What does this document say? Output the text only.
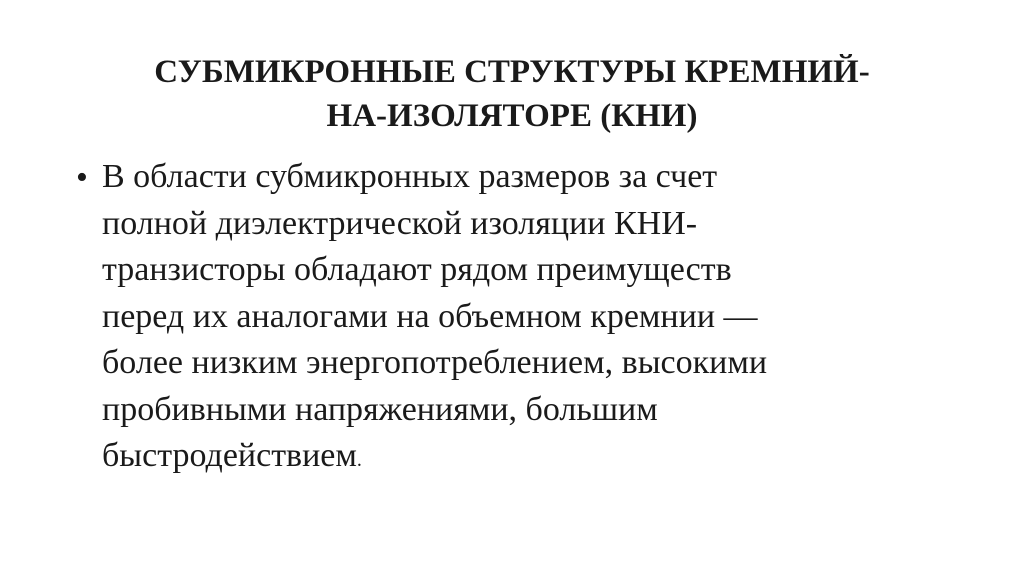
СУБМИКРОННЫЕ СТРУКТУРЫ КРЕМНИЙ-
НА-ИЗОЛЯТОРЕ (КНИ)
• В области субмикронных размеров за счет
полной диэлектрической изоляции КНИ-
транзисторы обладают рядом преимуществ
перед их аналогами на объемном кремнии —
более низким энергопотреблением, высокими
пробивными напряжениями, большим
быстродействием.
